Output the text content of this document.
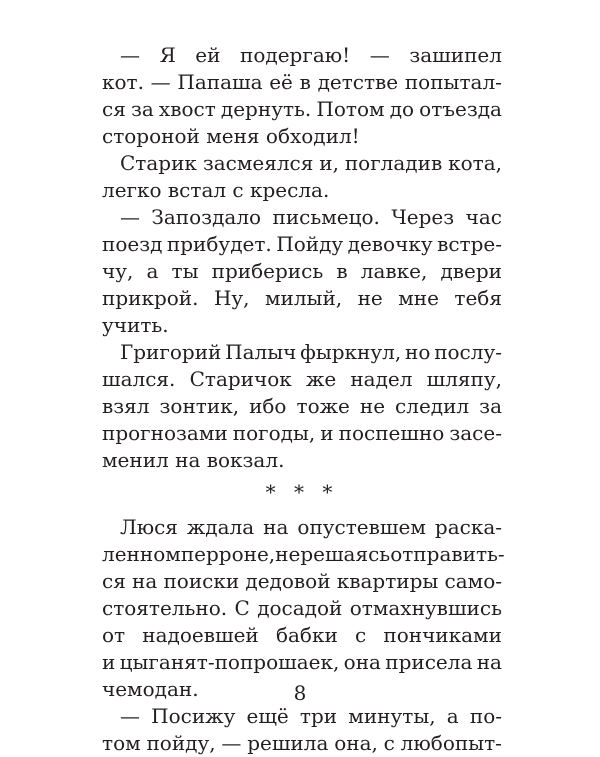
— Я ей подергаю! — зашипел
кот. — Папаша её в детстве попытал-
ся за хвост дернуть. Потом до отъезда
стороной меня обходил!
Старик засмеялся и, погладив кота,
легко встал с кресла.
— Запоздало письмецо. Через час
поезд прибудет. Пойду девочку встре-
чу, а ты приберись в лавке, двери
прикрой. Ну, милый, не мне тебя
учить.
Григорий Палыч фыркнул, но послу-
шался. Старичок же надел шляпу,
взял зонтик, ибо тоже не следил за
прогнозами погоды, и поспешно засе-
менил на вокзал.
* * *
Люся ждала на опустевшем раска-
ленном перроне, не решаясь отправить-
ся на поиски дедовой квартиры само-
стоятельно. С досадой отмахнувшись
от надоевшей бабки с пончиками
и цыганят-попрошаек, она присела на
чемодан.
— Посижу ещё три минуты, а по-
том пойду, — решила она, с любопыт-
8
